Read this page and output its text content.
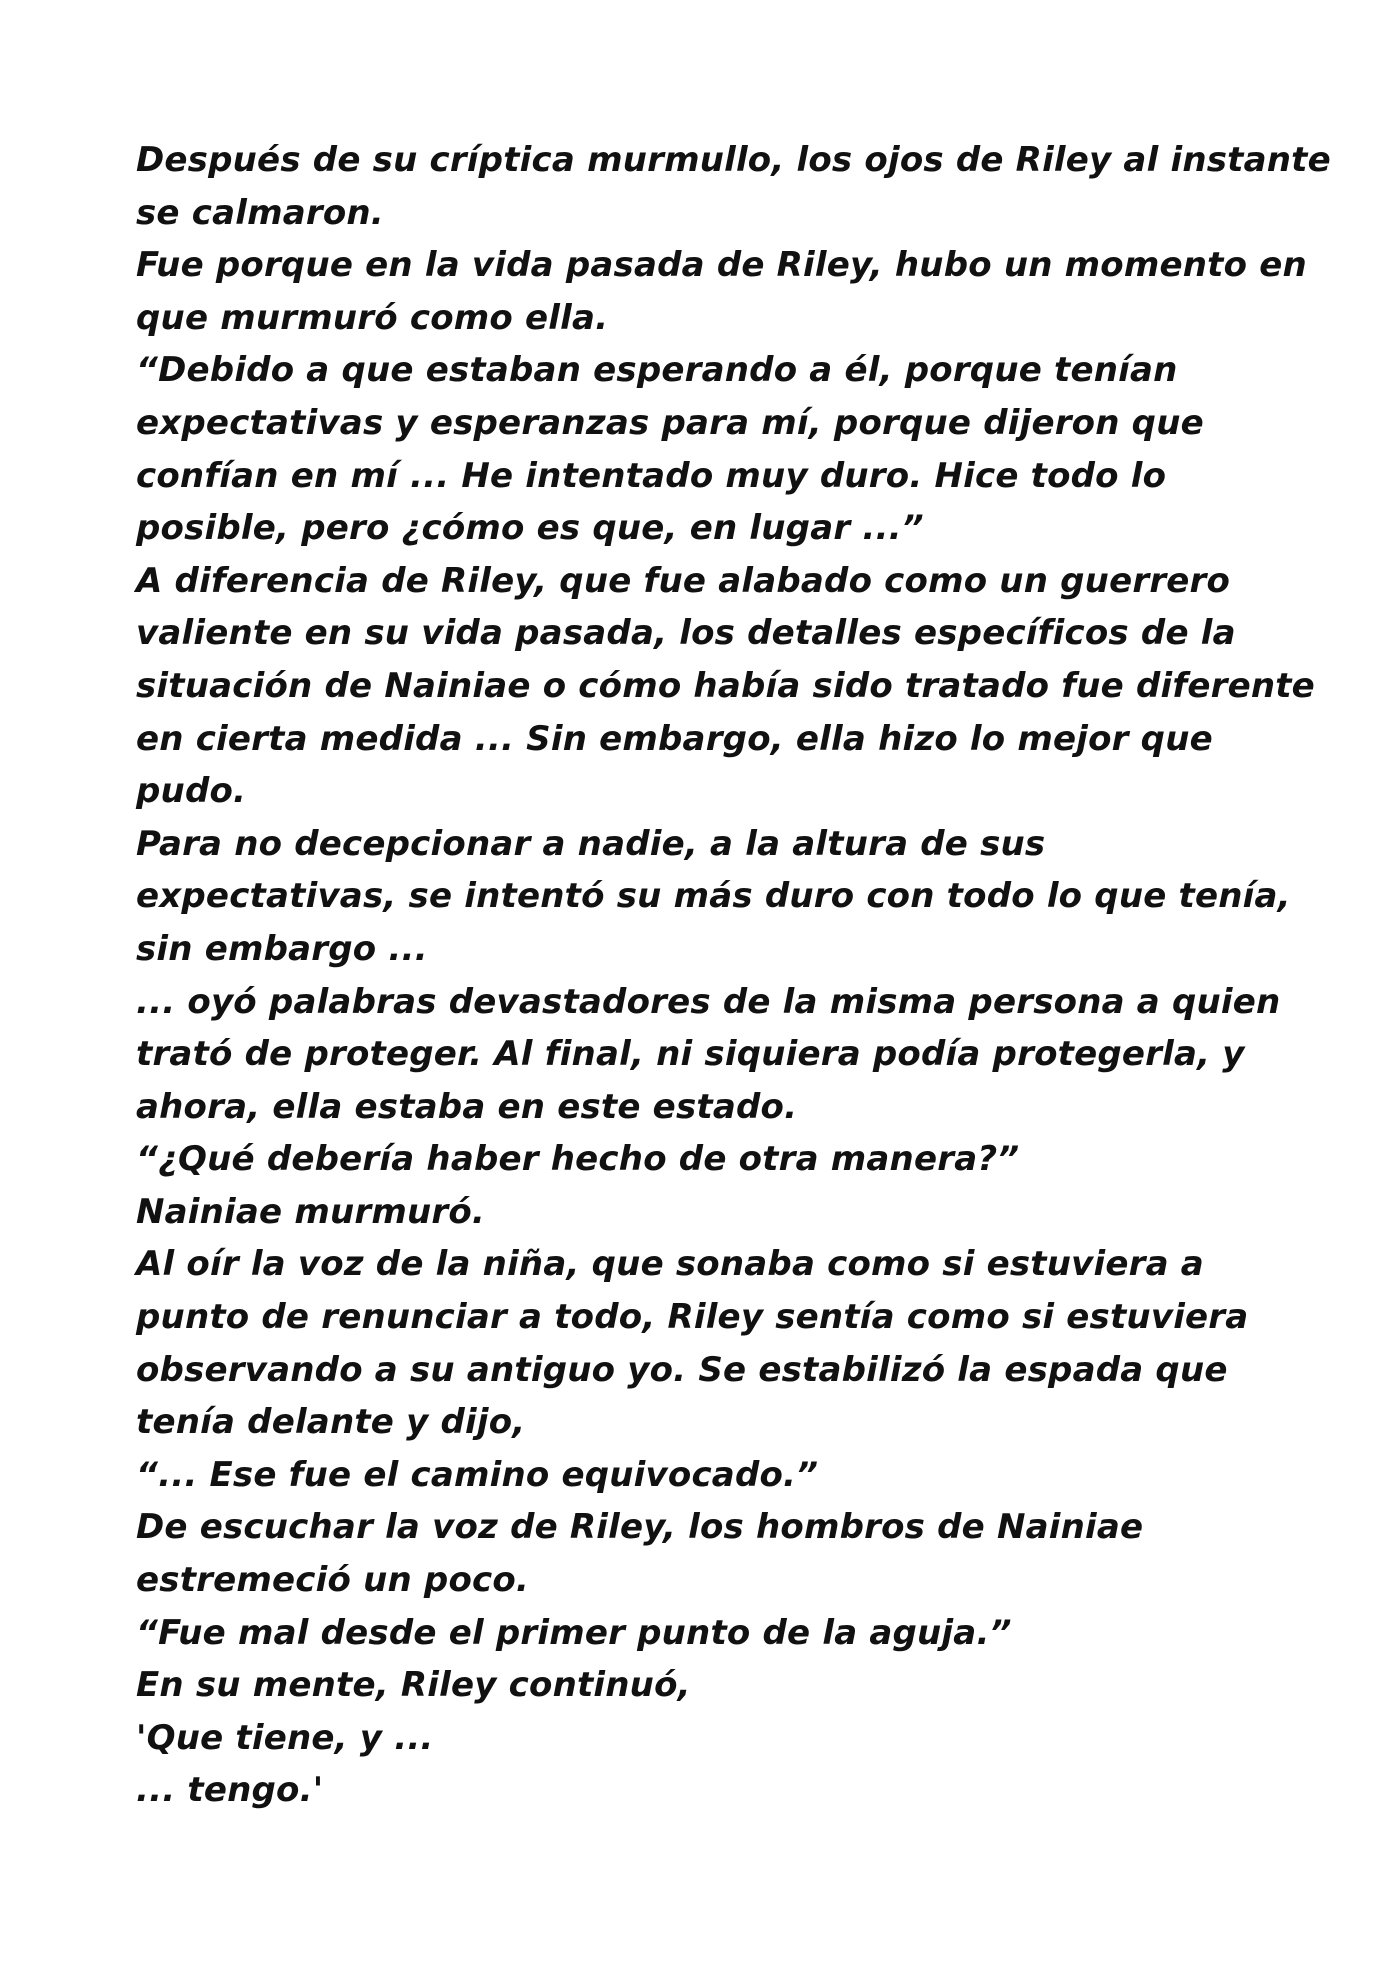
Después de su críptica murmullo, los ojos de Riley al instante
se calmaron.
Fue porque en la vida pasada de Riley, hubo un momento en
que murmuró como ella.
“Debido a que estaban esperando a él, porque tenían
expectativas y esperanzas para mí, porque dijeron que
confían en mí ... He intentado muy duro. Hice todo lo
posible, pero ¿cómo es que, en lugar ...”
A diferencia de Riley, que fue alabado como un guerrero
valiente en su vida pasada, los detalles específicos de la
situación de Nainiae o cómo había sido tratado fue diferente
en cierta medida ... Sin embargo, ella hizo lo mejor que
pudo.
Para no decepcionar a nadie, a la altura de sus
expectativas, se intentó su más duro con todo lo que tenía,
sin embargo ...
... oyó palabras devastadores de la misma persona a quien
trató de proteger. Al final, ni siquiera podía protegerla, y
ahora, ella estaba en este estado.
“¿Qué debería haber hecho de otra manera?”
Nainiae murmuró.
Al oír la voz de la niña, que sonaba como si estuviera a
punto de renunciar a todo, Riley sentía como si estuviera
observando a su antiguo yo. Se estabilizó la espada que
tenía delante y dijo,
“... Ese fue el camino equivocado.”
De escuchar la voz de Riley, los hombros de Nainiae
estremeció un poco.
“Fue mal desde el primer punto de la aguja.”
En su mente, Riley continuó,
'Que tiene, y ...
... tengo.'
